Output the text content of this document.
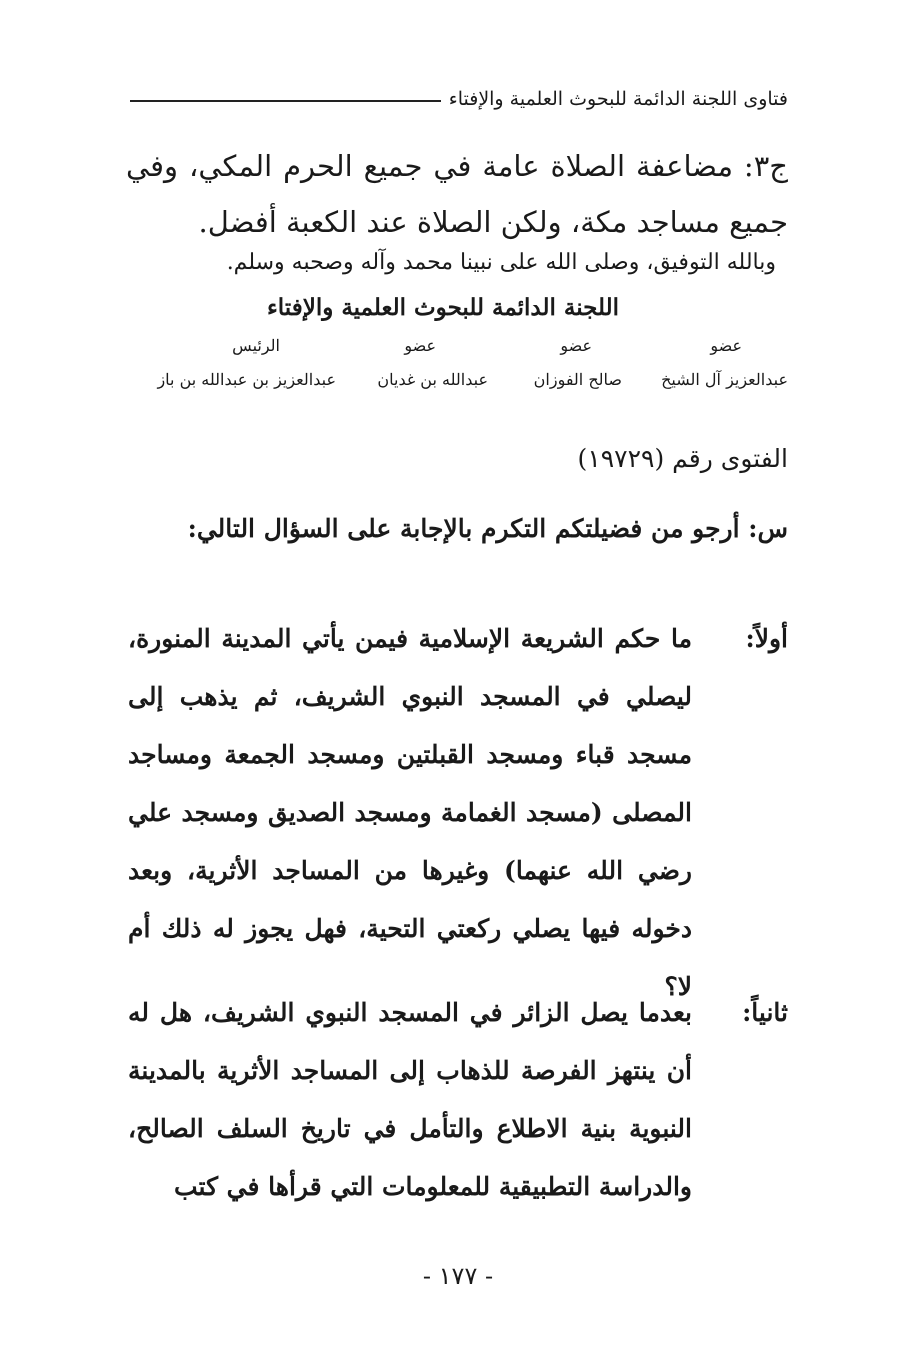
فتاوى اللجنة الدائمة للبحوث العلمية والإفتاء
ج٣: مضاعفة الصلاة عامة في جميع الحرم المكي، وفي جميع مساجد مكة، ولكن الصلاة عند الكعبة أفضل.
وبالله التوفيق، وصلى الله على نبينا محمد وآله وصحبه وسلم.
اللجنة الدائمة للبحوث العلمية والإفتاء
عضو
عضو
عضو
الرئيس
عبدالعزيز آل الشيخ
صالح الفوزان
عبدالله بن غديان
عبدالعزيز بن عبدالله بن باز
الفتوى رقم (١٩٧٢٩)
س: أرجو من فضيلتكم التكرم بالإجابة على السؤال التالي:
أولاً:
ما حكم الشريعة الإسلامية فيمن يأتي المدينة المنورة، ليصلي في المسجد النبوي الشريف، ثم يذهب إلى مسجد قباء ومسجد القبلتين ومسجد الجمعة ومساجد المصلى (مسجد الغمامة ومسجد الصديق ومسجد علي رضي الله عنهما) وغيرها من المساجد الأثرية، وبعد دخوله فيها يصلي ركعتي التحية، فهل يجوز له ذلك أم لا؟
ثانياً:
بعدما يصل الزائر في المسجد النبوي الشريف، هل له أن ينتهز الفرصة للذهاب إلى المساجد الأثرية بالمدينة النبوية بنية الاطلاع والتأمل في تاريخ السلف الصالح، والدراسة التطبيقية للمعلومات التي قرأها في كتب
- ١٧٧ -
